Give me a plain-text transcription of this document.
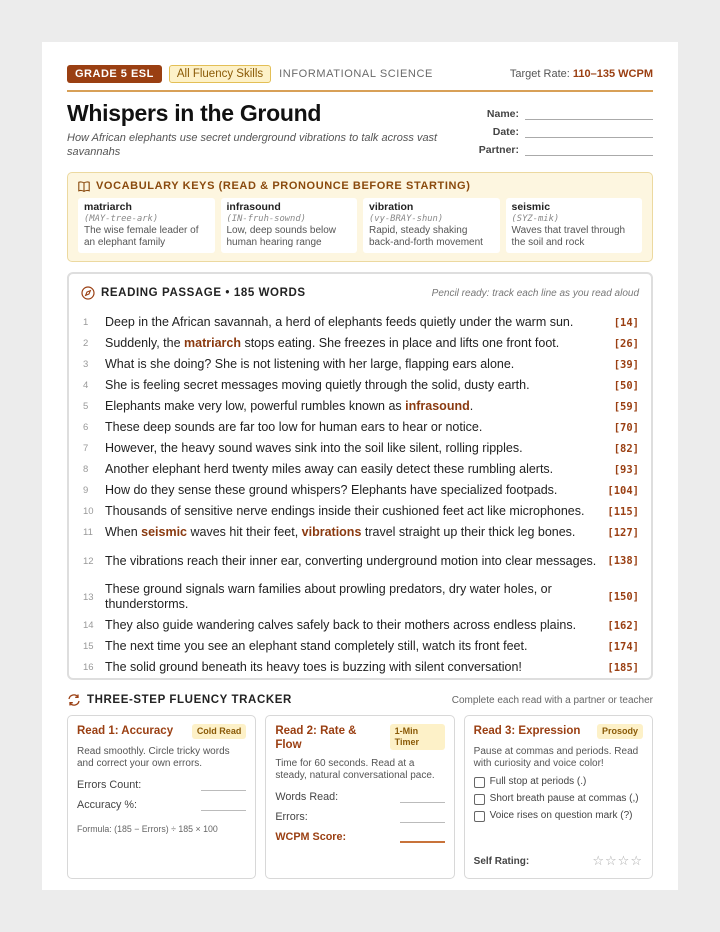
GRADE 5 ESL	All Fluency Skills	INFORMATIONAL SCIENCE	Target Rate: 110–135 WCPM
Whispers in the Ground
How African elephants use secret underground vibrations to talk across vast savannahs
Name:
Date:
Partner:
VOCABULARY KEYS (READ & PRONOUNCE BEFORE STARTING)
matriarch
(MAY-tree-ark)
The wise female leader of an elephant family
infrasound
(IN-fruh-sownd)
Low, deep sounds below human hearing range
vibration
(vy-BRAY-shun)
Rapid, steady shaking back-and-forth movement
seismic
(SYZ-mik)
Waves that travel through the soil and rock
READING PASSAGE • 185 WORDS	Pencil ready: track each line as you read aloud
1	Deep in the African savannah, a herd of elephants feeds quietly under the warm sun.	[14]
2	Suddenly, the matriarch stops eating. She freezes in place and lifts one front foot.	[26]
3	What is she doing? She is not listening with her large, flapping ears alone.	[39]
4	She is feeling secret messages moving quietly through the solid, dusty earth.	[50]
5	Elephants make very low, powerful rumbles known as infrasound.	[59]
6	These deep sounds are far too low for human ears to hear or notice.	[70]
7	However, the heavy sound waves sink into the soil like silent, rolling ripples.	[82]
8	Another elephant herd twenty miles away can easily detect these rumbling alerts.	[93]
9	How do they sense these ground whispers? Elephants have specialized footpads.	[104]
10 Thousands of sensitive nerve endings inside their cushioned feet act like microphones.	[115]
11 When seismic waves hit their feet, vibrations travel straight up their thick leg bones.	[127]
12 The vibrations reach their inner ear, converting underground motion into clear messages.	[138]
13
These ground signals warn families about prowling predators, dry water holes, or thunderstorms.	[150]
14 They also guide wandering calves safely back to their mothers across endless plains.	[162]
15 The next time you see an elephant stand completely still, watch its front feet.	[174]
16 The solid ground beneath its heavy toes is buzzing with silent conversation!	[185]
THREE-STEP FLUENCY TRACKER	Complete each read with a partner or teacher
Read 1: Accuracy	Cold Read
Read smoothly. Circle tricky words and correct your own errors.
Errors Count:
Accuracy %:
Formula: (185 − Errors) ÷ 185 × 100
Read 2: Rate & Flow
1-Min Timer
Time for 60 seconds. Read at a steady, natural conversational pace.
Words Read:
Errors:
WCPM Score:
Read 3: Expression	Prosody
Pause at commas and periods. Read with curiosity and voice color!
Full stop at periods (.)
Short breath pause at commas (,)
Voice rises on question mark (?)
Self Rating:	☆☆☆☆
